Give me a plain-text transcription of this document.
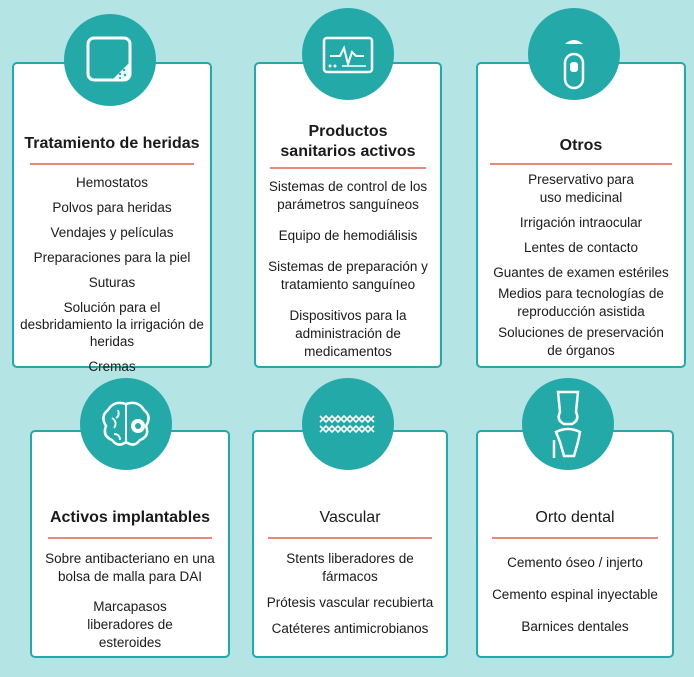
Tratamiento de heridas
Hemostatos
Polvos para heridas
Vendajes y películas
Preparaciones para la piel
Suturas
Solución para el desbridamiento la irrigación de heridas
Cremas
Productos sanitarios activos
Sistemas de control de los parámetros sanguíneos
Equipo de hemodiálisis
Sistemas de preparación y tratamiento sanguíneo
Dispositivos para la administración de medicamentos
Otros
Preservativo para uso medicinal
Irrigación intraocular
Lentes de contacto
Guantes de examen estériles
Medios para tecnologías de reproducción asistida
Soluciones de preservación de órganos
Activos implantables
Sobre antibacteriano en una bolsa de malla para DAI
Marcapasos liberadores de esteroides
Vascular
Stents liberadores de fármacos
Prótesis vascular recubierta
Catéteres antimicrobianos
Orto dental
Cemento óseo / injerto
Cemento espinal inyectable
Barnices dentales
